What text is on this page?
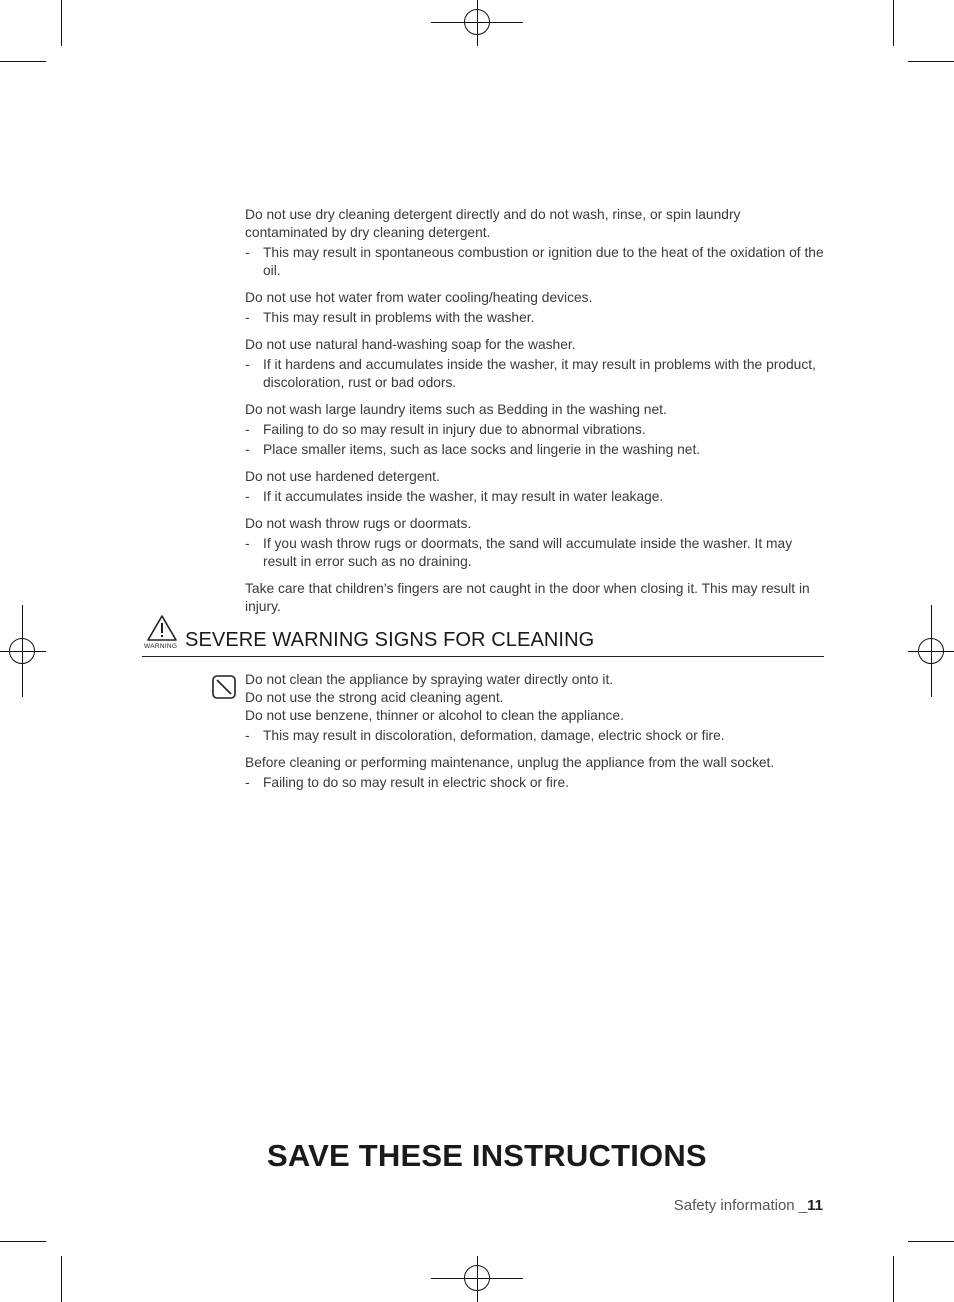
Do not use dry cleaning detergent directly and do not wash, rinse, or spin laundry contaminated by dry cleaning detergent.

- This may result in spontaneous combustion or ignition due to the heat of the oxidation of the oil.

Do not use hot water from water cooling/heating devices.

- This may result in problems with the washer.

Do not use natural hand-washing soap for the washer.

- If it hardens and accumulates inside the washer, it may result in problems with the product, discoloration, rust or bad odors.

Do not wash large laundry items such as Bedding in the washing net.

- Failing to do so may result in injury due to abnormal vibrations.
- Place smaller items, such as lace socks and lingerie in the washing net.

Do not use hardened detergent.

- If it accumulates inside the washer, it may result in water leakage.

Do not wash throw rugs or doormats.

- If you wash throw rugs or doormats, the sand will accumulate inside the washer. It may result in error such as no draining.

Take care that children’s fingers are not caught in the door when closing it. This may result in injury.

WARNING SEVERE WARNING SIGNS FOR CLEANING

Do not clean the appliance by spraying water directly onto it.

Do not use the strong acid cleaning agent.

Do not use benzene, thinner or alcohol to clean the appliance.

- This may result in discoloration, deformation, damage, electric shock or fire.

Before cleaning or performing maintenance, unplug the appliance from the wall socket.

- Failing to do so may result in electric shock or fire.
SAVE THESE INSTRUCTIONS
Safety information _11
